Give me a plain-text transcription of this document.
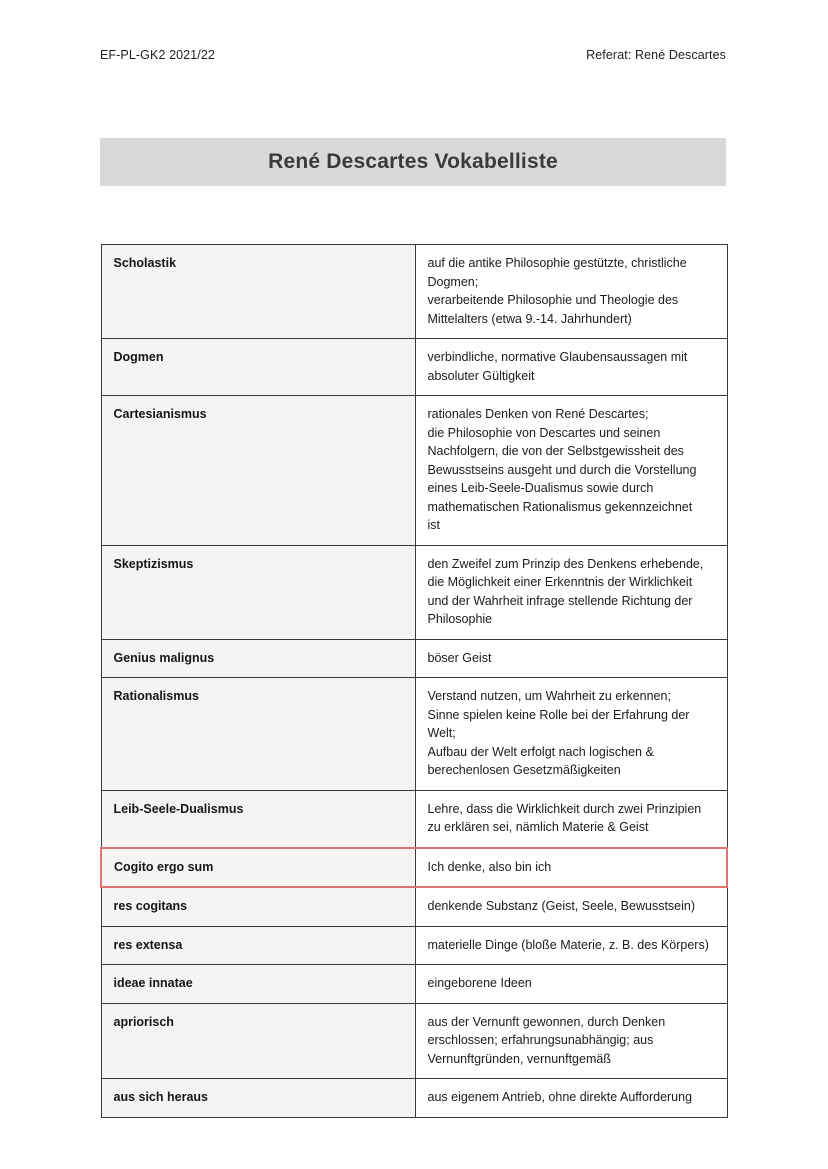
EF-PL-GK2 2021/22	Referat: René Descartes
René Descartes Vokabelliste
Scholastik	auf die antike Philosophie gestützte, christliche
Dogmen;
verarbeitende Philosophie und Theologie des
Mittelalters (etwa 9.-14. Jahrhundert)

Dogmen	verbindliche, normative Glaubensaussagen mit
absoluter Gültigkeit

Cartesianismus	rationales Denken von René Descartes;
die Philosophie von Descartes und seinen
Nachfolgern, die von der Selbstgewissheit des
Bewusstseins ausgeht und durch die Vorstellung
eines Leib-Seele-Dualismus sowie durch
mathematischen Rationalismus gekennzeichnet
ist

Skeptizismus	den Zweifel zum Prinzip des Denkens erhebende,
die Möglichkeit einer Erkenntnis der Wirklichkeit
und der Wahrheit infrage stellende Richtung der
Philosophie

Genius malignus	böser Geist

Rationalismus	Verstand nutzen, um Wahrheit zu erkennen;
Sinne spielen keine Rolle bei der Erfahrung der
Welt;
Aufbau der Welt erfolgt nach logischen &
berechenlosen Gesetzmäßigkeiten

Leib-Seele-Dualismus	Lehre, dass die Wirklichkeit durch zwei Prinzipien
zu erklären sei, nämlich Materie & Geist

Cogito ergo sum	Ich denke, also bin ich

res cogitans	denkende Substanz (Geist, Seele, Bewusstsein)

res extensa	materielle Dinge (bloße Materie, z. B. des Körpers)

ideae innatae	eingeborene Ideen

apriorisch	aus der Vernunft gewonnen, durch Denken
erschlossen; erfahrungsunabhängig; aus
Vernunftgründen, vernunftgemäß

aus sich heraus	aus eigenem Antrieb, ohne direkte Aufforderung
